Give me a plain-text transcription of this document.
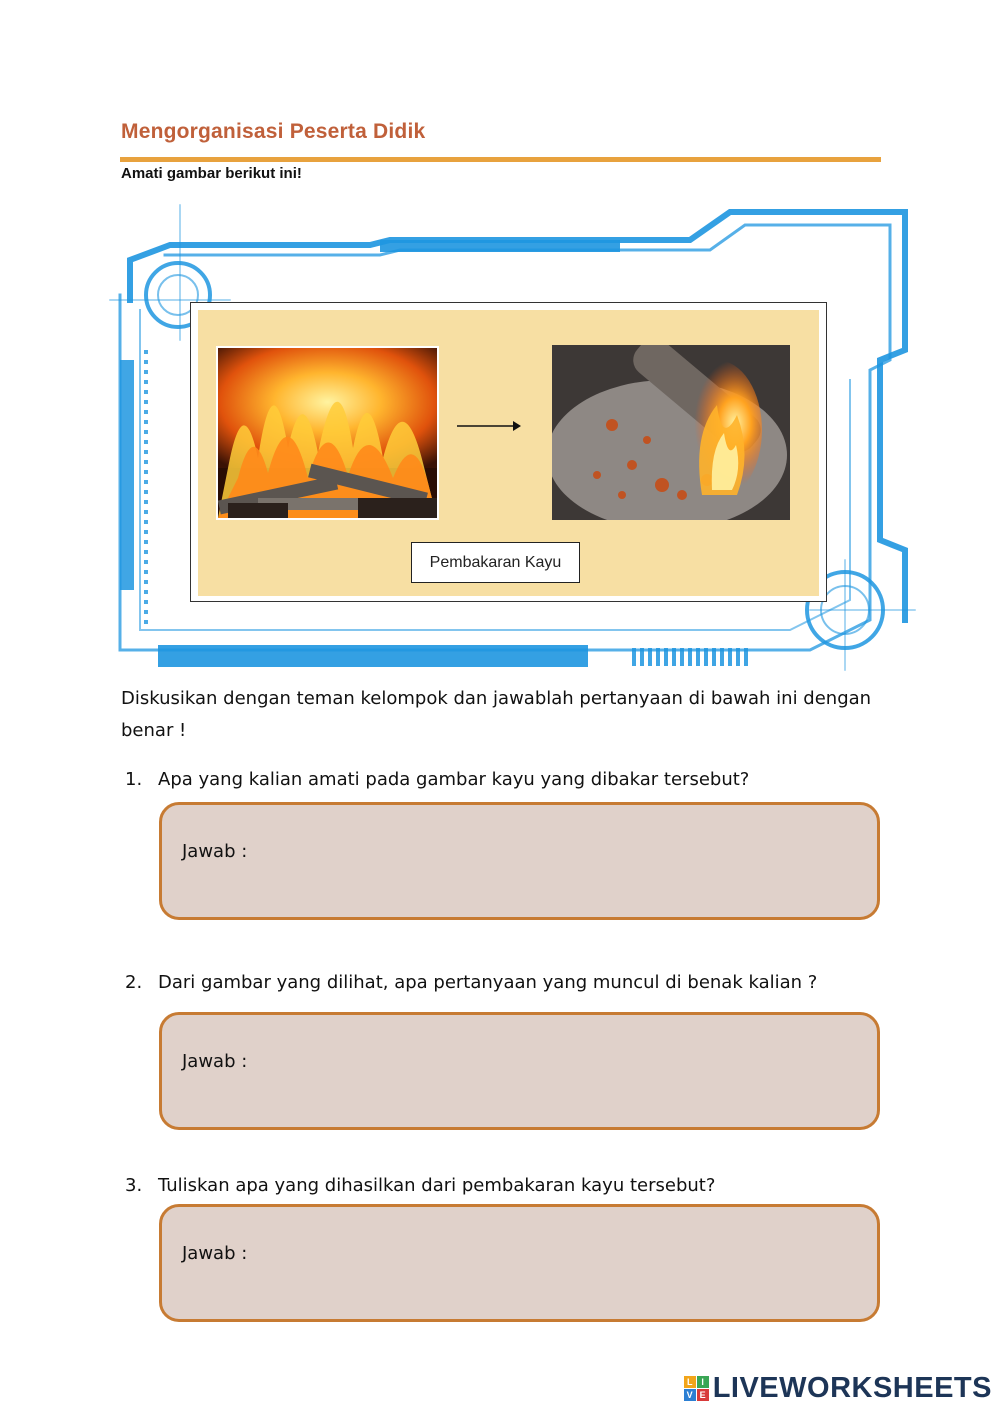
Mengorganisasi Peserta Didik
Amati gambar berikut ini!
Pembakaran Kayu
Diskusikan dengan teman kelompok dan jawablah pertanyaan di bawah ini dengan
benar !
1. Apa yang kalian amati pada gambar kayu yang dibakar tersebut?
Jawab :
2. Dari gambar yang dilihat, apa pertanyaan yang muncul di benak kalian ?
Jawab :
3. Tuliskan apa yang dihasilkan dari pembakaran kayu tersebut?
Jawab :
L I
V E LIVEWORKSHEETS
